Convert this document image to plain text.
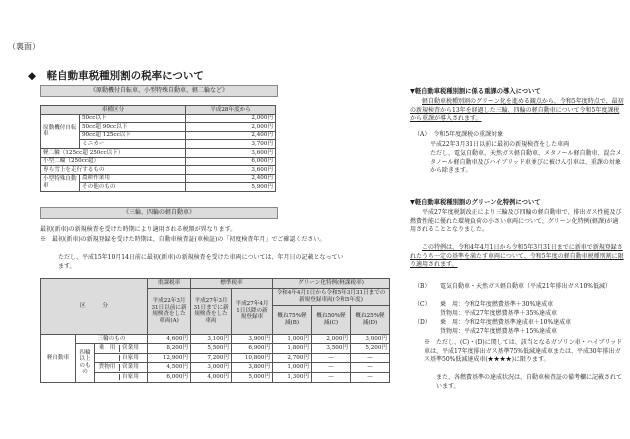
（裏面）
◆　軽自動車税種別割の税率について
《原動機付自転車、小型特殊自動車、軽二輪など》
車種区分		平成28年度から
原動機付自転車	50cc以下	2,000円
	50cc超 90cc以下	2,000円
	90cc超 125cc以下	2,400円
	ミニカー	3,700円
軽二輪（125cc超 250cc以下）		3,600円
小型二輪（250cc超）		6,000円
専ら雪上を走行するもの		3,600円
小型特殊自動車	農耕作業用	2,400円
	その他のもの	5,900円
《三輪、四輪の軽自動車》
最初(新車)の新規検査を受けた時期により適用される税額が異なります。
※　最初(新車)の新規登録を受けた時期は、自動車検査証(車検証)の「初度検査年月」でご確認ください。
ただし、平成15年10月14日前に最初(新車)の新規検査を受けた車両については、年月日の記載となっています。
区　　　分			重課税率	標準税率		グリーン化特例(軽課税率)		
			平成22年3月31日以前に新規検査をした車両(A)	平成27年3月31日までに新規検査をした車両	平成27年4月1日以降の新規登録車	令和4年4月1日から令和5年3月31日までの新規登録車両(令和5年度)		
						概ね75%軽減(B)	概ね50%軽減(C)	概ね25%軽減(D)
軽自動車	三輪のもの		4,600円	3,100円	3,900円	1,000円	2,000円	3,000円
	四輪以上のもの	乗　用 営業用	8,200円	5,500円	6,900円	1,800円	3,500円	5,200円
		自家用	12,900円	7,200円	10,800円	2,700円	—	—
		貨物用 営業用	4,500円	3,000円	3,800円	1,000円	—	—
		自家用	6,000円	4,000円	5,000円	1,300円	—	—
▼軽自動車税種別割に係る重課の導入について
軽自動車税種別割のグリーン化を進める観点から、令和5年度時点で、最初の新規検査から13年を経過した三輪、四輪の軽自動車について令和5年度課税から重課が導入されます。
（A）　令和5年度課税の重課対象
平成22年3月31日以前に最初の新規検査をした車両
ただし、電気自動車、天然ガス軽自動車、メタノール軽自動車、混合メタノール軽自動車及びハイブリッド車並びに被けん引車は、重課の対象から除きます。
▼軽自動車税種別割のグリーン化特例について
平成27年度税制改正により三輪及び四輪の軽自動車で、排出ガス性能及び燃費性能に優れた環境負荷の小さい車両について、グリーン化特例(軽課)が適用されることとなりました。
この特例は、令和4年4月1日から令和5年3月31日までに新車で新規登録されたうち一定の基準を満たす車両について、令和5年度の軽自動車税種別割に限り適用されます。
（B）	電気自動車・天然ガス軽自動車（平成21年排出ガス10%低減）
（C）	乗　用：令和2年度燃費基準＋30%達成車
貨物用：平成27年度燃費基準＋35%達成車
（D）	乗　用：令和2年度燃費基準達成車＋10%達成車
貨物用：平成27年度燃費基準＋15%達成車
※　ただし、(C)・(D)に関しては、該当となるガソリン車・ハイブリッド車は、平成17年度排出ガス基準75%低減達成車または、平成30年排出ガス基準50%低減達成車(★★★★)に限ります。
また、各燃費基準の達成状況は、自動車検査証の備考欄に記載されています。
